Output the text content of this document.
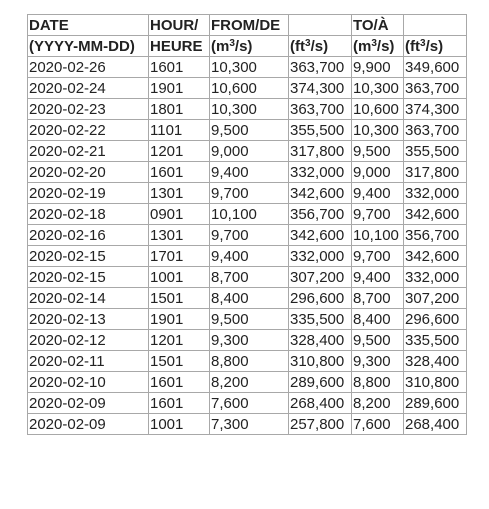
DATE	HOUR/	FROM/DE		TO/À	
(YYYY-MM-DD)	HEURE	$(m^3/s)$	$(ft^3/s)$	$(m^3/s)$	$(ft^3/s)$
2020-02-26	1601	10,300	363,700	9,900	349,600
2020-02-24	1901	10,600	374,300	10,300	363,700
2020-02-23	1801	10,300	363,700	10,600	374,300
2020-02-22	1101	9,500	355,500	10,300	363,700
2020-02-21	1201	9,000	317,800	9,500	355,500
2020-02-20	1601	9,400	332,000	9,000	317,800
2020-02-19	1301	9,700	342,600	9,400	332,000
2020-02-18	0901	10,100	356,700	9,700	342,600
2020-02-16	1301	9,700	342,600	10,100	356,700
2020-02-15	1701	9,400	332,000	9,700	342,600
2020-02-15	1001	8,700	307,200	9,400	332,000
2020-02-14	1501	8,400	296,600	8,700	307,200
2020-02-13	1901	9,500	335,500	8,400	296,600
2020-02-12	1201	9,300	328,400	9,500	335,500
2020-02-11	1501	8,800	310,800	9,300	328,400
2020-02-10	1601	8,200	289,600	8,800	310,800
2020-02-09	1601	7,600	268,400	8,200	289,600
2020-02-09	1001	7,300	257,800	7,600	268,400
